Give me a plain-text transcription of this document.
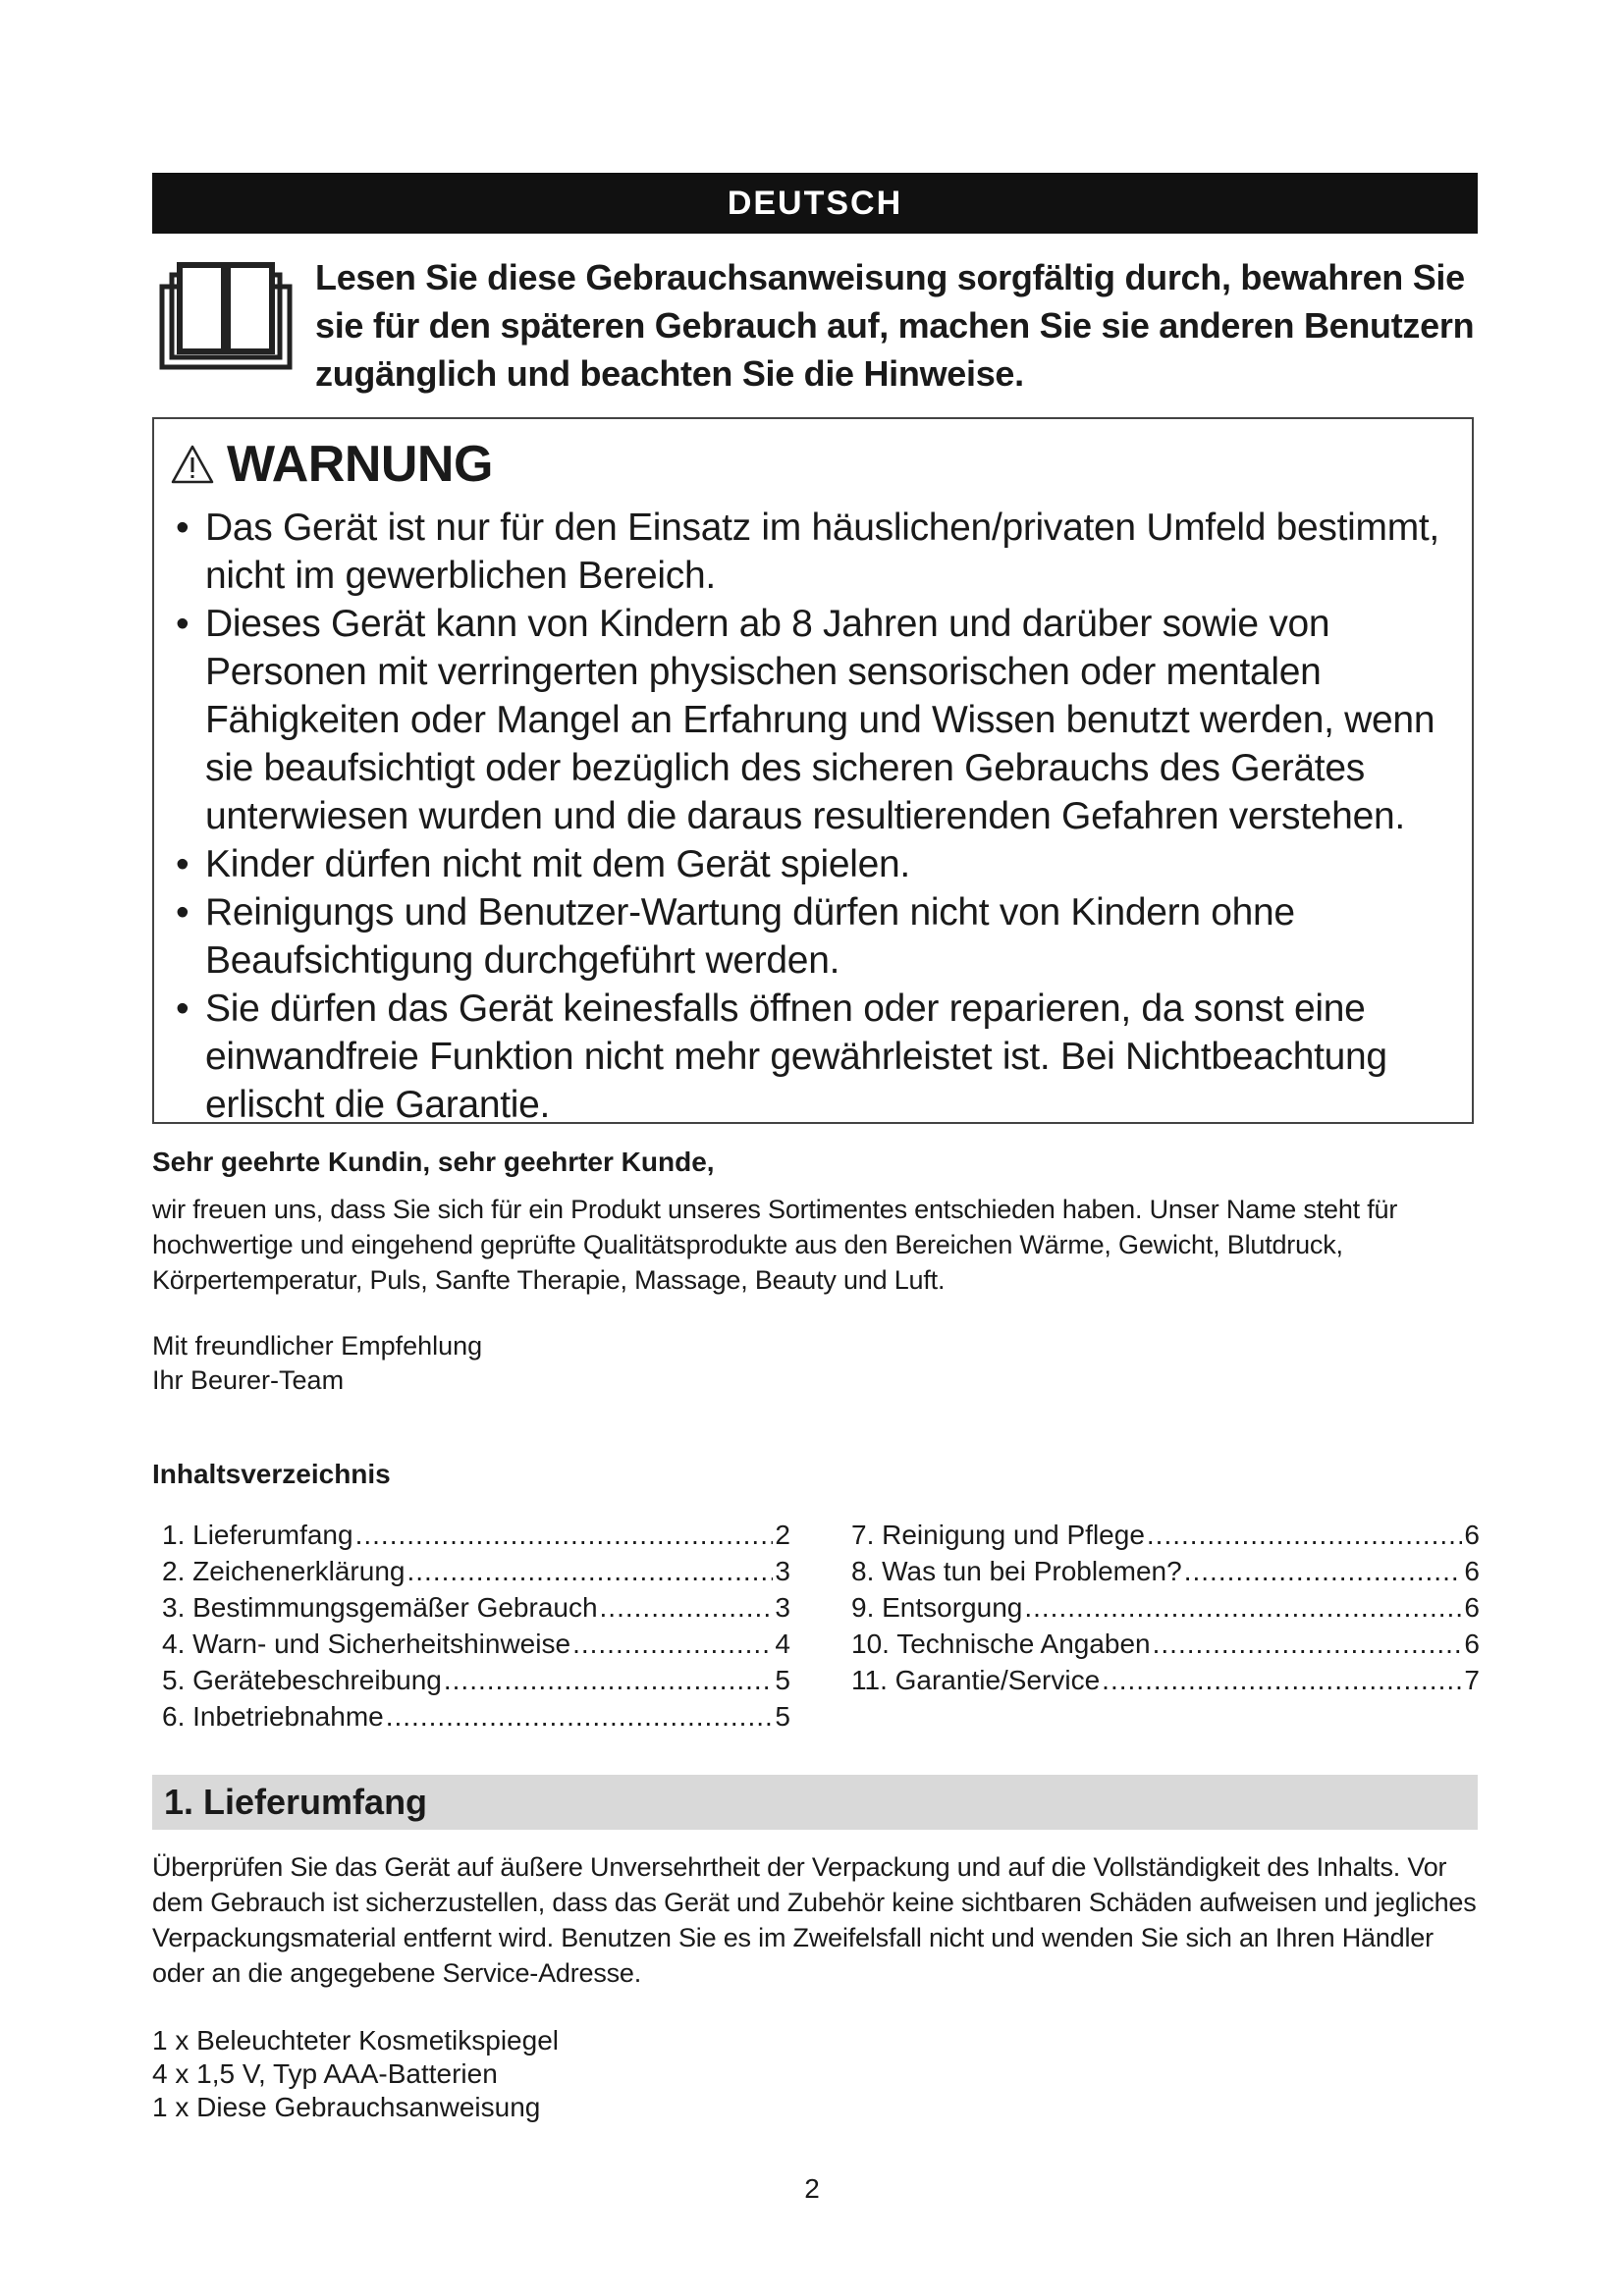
DEUTSCH
Lesen Sie diese Gebrauchsanweisung sorgfältig durch, bewahren Sie sie für den späteren Gebrauch auf, machen Sie sie anderen Benutzern zugänglich und beachten Sie die Hinweise.
WARNUNG
• Das Gerät ist nur für den Einsatz im häuslichen/privaten Umfeld bestimmt, nicht im gewerblichen Bereich.
• Dieses Gerät kann von Kindern ab 8 Jahren und darüber sowie von Personen mit verringerten physischen sensorischen oder mentalen Fähigkeiten oder Mangel an Erfahrung und Wissen benutzt werden, wenn sie beaufsichtigt oder bezüglich des sicheren Gebrauchs des Gerätes unterwiesen wurden und die daraus resultierenden Gefahren verstehen.
• Kinder dürfen nicht mit dem Gerät spielen.
• Reinigungs und Benutzer-Wartung dürfen nicht von Kindern ohne Beaufsichtigung durchgeführt werden.
• Sie dürfen das Gerät keinesfalls öffnen oder reparieren, da sonst eine einwandfreie Funktion nicht mehr gewährleistet ist. Bei Nichtbeachtung erlischt die Garantie.
Sehr geehrte Kundin, sehr geehrter Kunde,
wir freuen uns, dass Sie sich für ein Produkt unseres Sortimentes entschieden haben. Unser Name steht für hochwertige und eingehend geprüfte Qualitätsprodukte aus den Bereichen Wärme, Gewicht, Blutdruck, Körpertemperatur, Puls, Sanfte Therapie, Massage, Beauty und Luft.
Mit freundlicher Empfehlung
Ihr Beurer-Team
Inhaltsverzeichnis
1. Lieferumfang .....	2
2. Zeichenerklärung .....	3
3. Bestimmungsgemäßer Gebrauch .....	3
4. Warn- und Sicherheitshinweise .....	4
5. Gerätebeschreibung .....	5
6. Inbetriebnahme .....	5
7. Reinigung und Pflege .....	6
8. Was tun bei Problemen? .....	6
9. Entsorgung .....	6
10. Technische Angaben .....	6
11. Garantie/Service .....	7
1. Lieferumfang
Überprüfen Sie das Gerät auf äußere Unversehrtheit der Verpackung und auf die Vollständigkeit des Inhalts. Vor dem Gebrauch ist sicherzustellen, dass das Gerät und Zubehör keine sichtbaren Schäden aufweisen und jegliches Verpackungsmaterial entfernt wird. Benutzen Sie es im Zweifelsfall nicht und wenden Sie sich an Ihren Händler oder an die angegebene Service-Adresse.
1 x Beleuchteter Kosmetikspiegel
4 x 1,5 V, Typ AAA-Batterien
1 x Diese Gebrauchsanweisung
2
